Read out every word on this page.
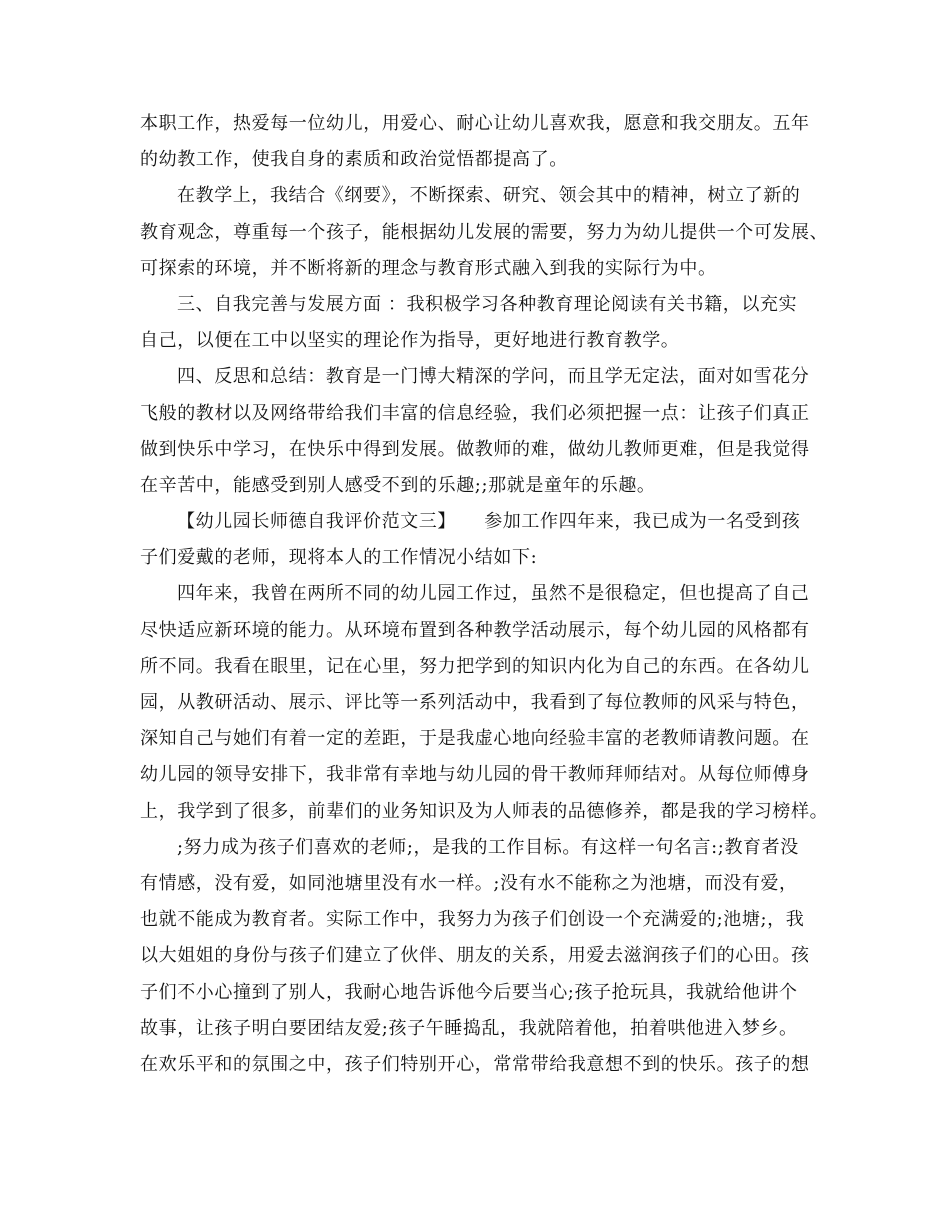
本职工作，热爱每一位幼儿，用爱心、耐心让幼儿喜欢我，愿意和我交朋友。五年
的幼教工作，使我自身的素质和政治觉悟都提高了。
在教学上，我结合《纲要》，不断探索、研究、领会其中的精神，树立了新的
教育观念，尊重每一个孩子，能根据幼儿发展的需要，努力为幼儿提供一个可发展、
可探索的环境，并不断将新的理念与教育形式融入到我的实际行为中。
三、自我完善与发展方面 ：我积极学习各种教育理论阅读有关书籍，以充实
自己，以便在工中以坚实的理论作为指导，更好地进行教育教学。
四、反思和总结：教育是一门博大精深的学问，而且学无定法，面对如雪花分
飞般的教材以及网络带给我们丰富的信息经验，我们必须把握一点：让孩子们真正
做到快乐中学习，在快乐中得到发展。做教师的难，做幼儿教师更难，但是我觉得
在辛苦中，能感受到别人感受不到的乐趣;;那就是童年的乐趣。
【幼儿园长师德自我评价范文三】　　参加工作四年来，我已成为一名受到孩
子们爱戴的老师，现将本人的工作情况小结如下:
四年来，我曾在两所不同的幼儿园工作过，虽然不是很稳定，但也提高了自己
尽快适应新环境的能力。从环境布置到各种教学活动展示，每个幼儿园的风格都有
所不同。我看在眼里，记在心里，努力把学到的知识内化为自己的东西。在各幼儿
园，从教研活动、展示、评比等一系列活动中，我看到了每位教师的风采与特色，
深知自己与她们有着一定的差距，于是我虚心地向经验丰富的老教师请教问题。在
幼儿园的领导安排下，我非常有幸地与幼儿园的骨干教师拜师结对。从每位师傅身
上，我学到了很多，前辈们的业务知识及为人师表的品德修养，都是我的学习榜样。
;努力成为孩子们喜欢的老师;，是我的工作目标。有这样一句名言:;教育者没
有情感，没有爱，如同池塘里没有水一样。;没有水不能称之为池塘，而没有爱，
也就不能成为教育者。实际工作中，我努力为孩子们创设一个充满爱的;池塘;，我
以大姐姐的身份与孩子们建立了伙伴、朋友的关系，用爱去滋润孩子们的心田。孩
子们不小心撞到了别人，我耐心地告诉他今后要当心;孩子抢玩具，我就给他讲个
故事，让孩子明白要团结友爱;孩子午睡捣乱，我就陪着他，拍着哄他进入梦乡。
在欢乐平和的氛围之中，孩子们特别开心，常常带给我意想不到的快乐。孩子的想
